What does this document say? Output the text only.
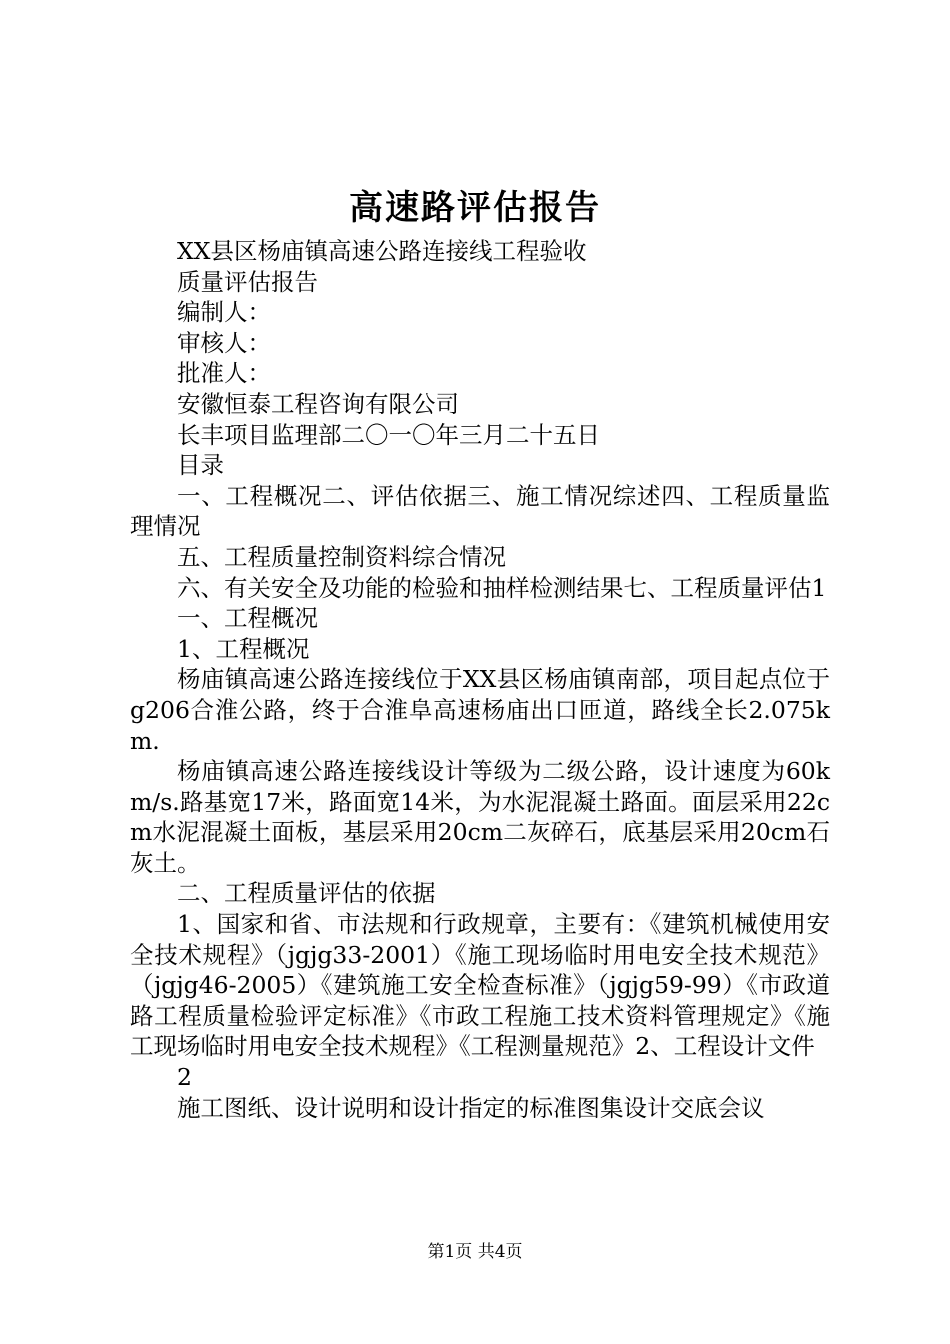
高速路评估报告

XX县区杨庙镇高速公路连接线工程验收

质量评估报告

编制人：

审核人：

批准人：

安徽恒泰工程咨询有限公司

长丰项目监理部二〇一〇年三月二十五日

目录

一、工程概况二、评估依据三、施工情况综述四、工程质量监理情况

五、工程质量控制资料综合情况

六、有关安全及功能的检验和抽样检测结果七、工程质量评估1

一、工程概况

1、工程概况

杨庙镇高速公路连接线位于XX县区杨庙镇南部，项目起点位于g206合淮公路，终于合淮阜高速杨庙出口匝道，路线全长2.075km.

杨庙镇高速公路连接线设计等级为二级公路，设计速度为60km/s.路基宽17米，路面宽14米，为水泥混凝土路面。面层采用22cm水泥混凝土面板，基层采用20cm二灰碎石，底基层采用20cm石灰土。

二、工程质量评估的依据

1、国家和省、市法规和行政规章，主要有：《建筑机械使用安全技术规程》（jgjg33-2001）《施工现场临时用电安全技术规范》（jgjg46-2005）《建筑施工安全检查标准》（jgjg59-99）《市政道路工程质量检验评定标准》《市政工程施工技术资料管理规定》《施工现场临时用电安全技术规程》《工程测量规范》2、工程设计文件

2

施工图纸、设计说明和设计指定的标准图集设计交底会议

第1页 共4页
